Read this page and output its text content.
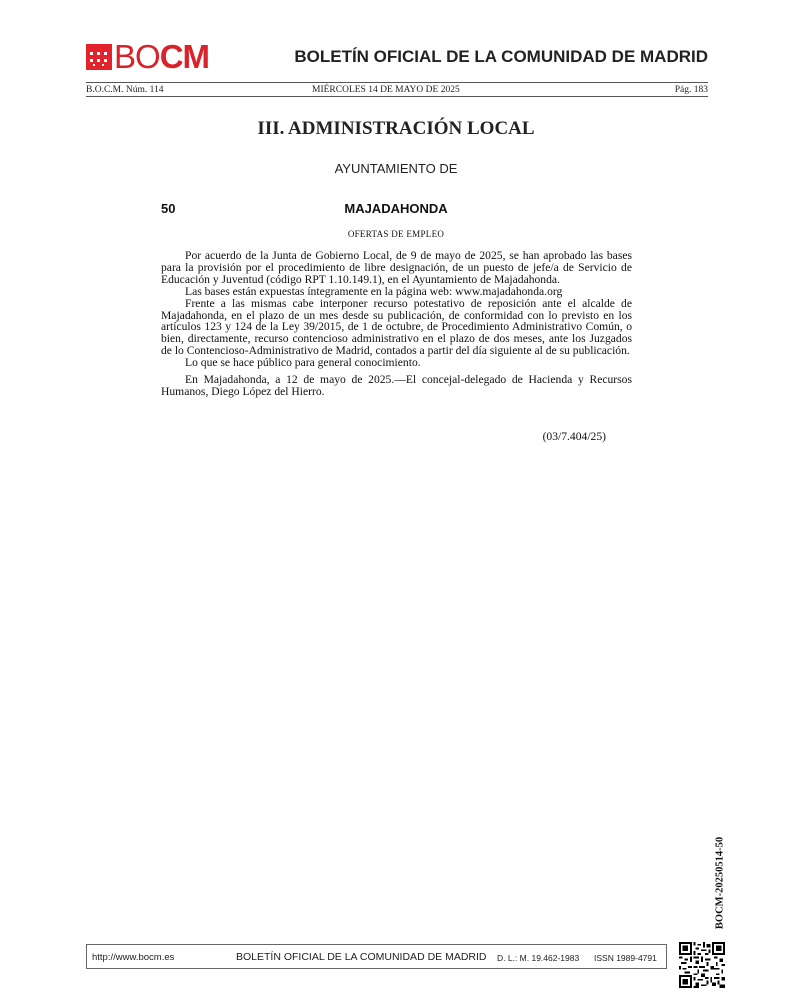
BOCM	BOLETÍN OFICIAL DE LA COMUNIDAD DE MADRID
B.O.C.M. Núm. 114	MIÉRCOLES 14 DE MAYO DE 2025	Pág. 183
III. ADMINISTRACIÓN LOCAL
AYUNTAMIENTO DE
50	MAJADAHONDA
OFERTAS DE EMPLEO

Por acuerdo de la Junta de Gobierno Local, de 9 de mayo de 2025, se han aprobado las bases para la provisión por el procedimiento de libre designación, de un puesto de jefe/a de Servicio de Educación y Juventud (código RPT 1.10.149.1), en el Ayuntamiento de Majadahonda.

Las bases están expuestas íntegramente en la página web: www.majadahonda.org

Frente a las mismas cabe interponer recurso potestativo de reposición ante el alcalde de Majadahonda, en el plazo de un mes desde su publicación, de conformidad con lo previsto en los artículos 123 y 124 de la Ley 39/2015, de 1 de octubre, de Procedimiento Administrativo Común, o bien, directamente, recurso contencioso administrativo en el plazo de dos meses, ante los Juzgados de lo Contencioso-Administrativo de Madrid, contados a partir del día siguiente al de su publicación.

Lo que se hace público para general conocimiento.

En Majadahonda, a 12 de mayo de 2025.—El concejal-delegado de Hacienda y Recursos Humanos, Diego López del Hierro.

(03/7.404/25)
BOCM-20250514-50
http://www.bocm.es	BOLETÍN OFICIAL DE LA COMUNIDAD DE MADRID D. L.: M. 19.462-1983 ISSN 1989-4791
